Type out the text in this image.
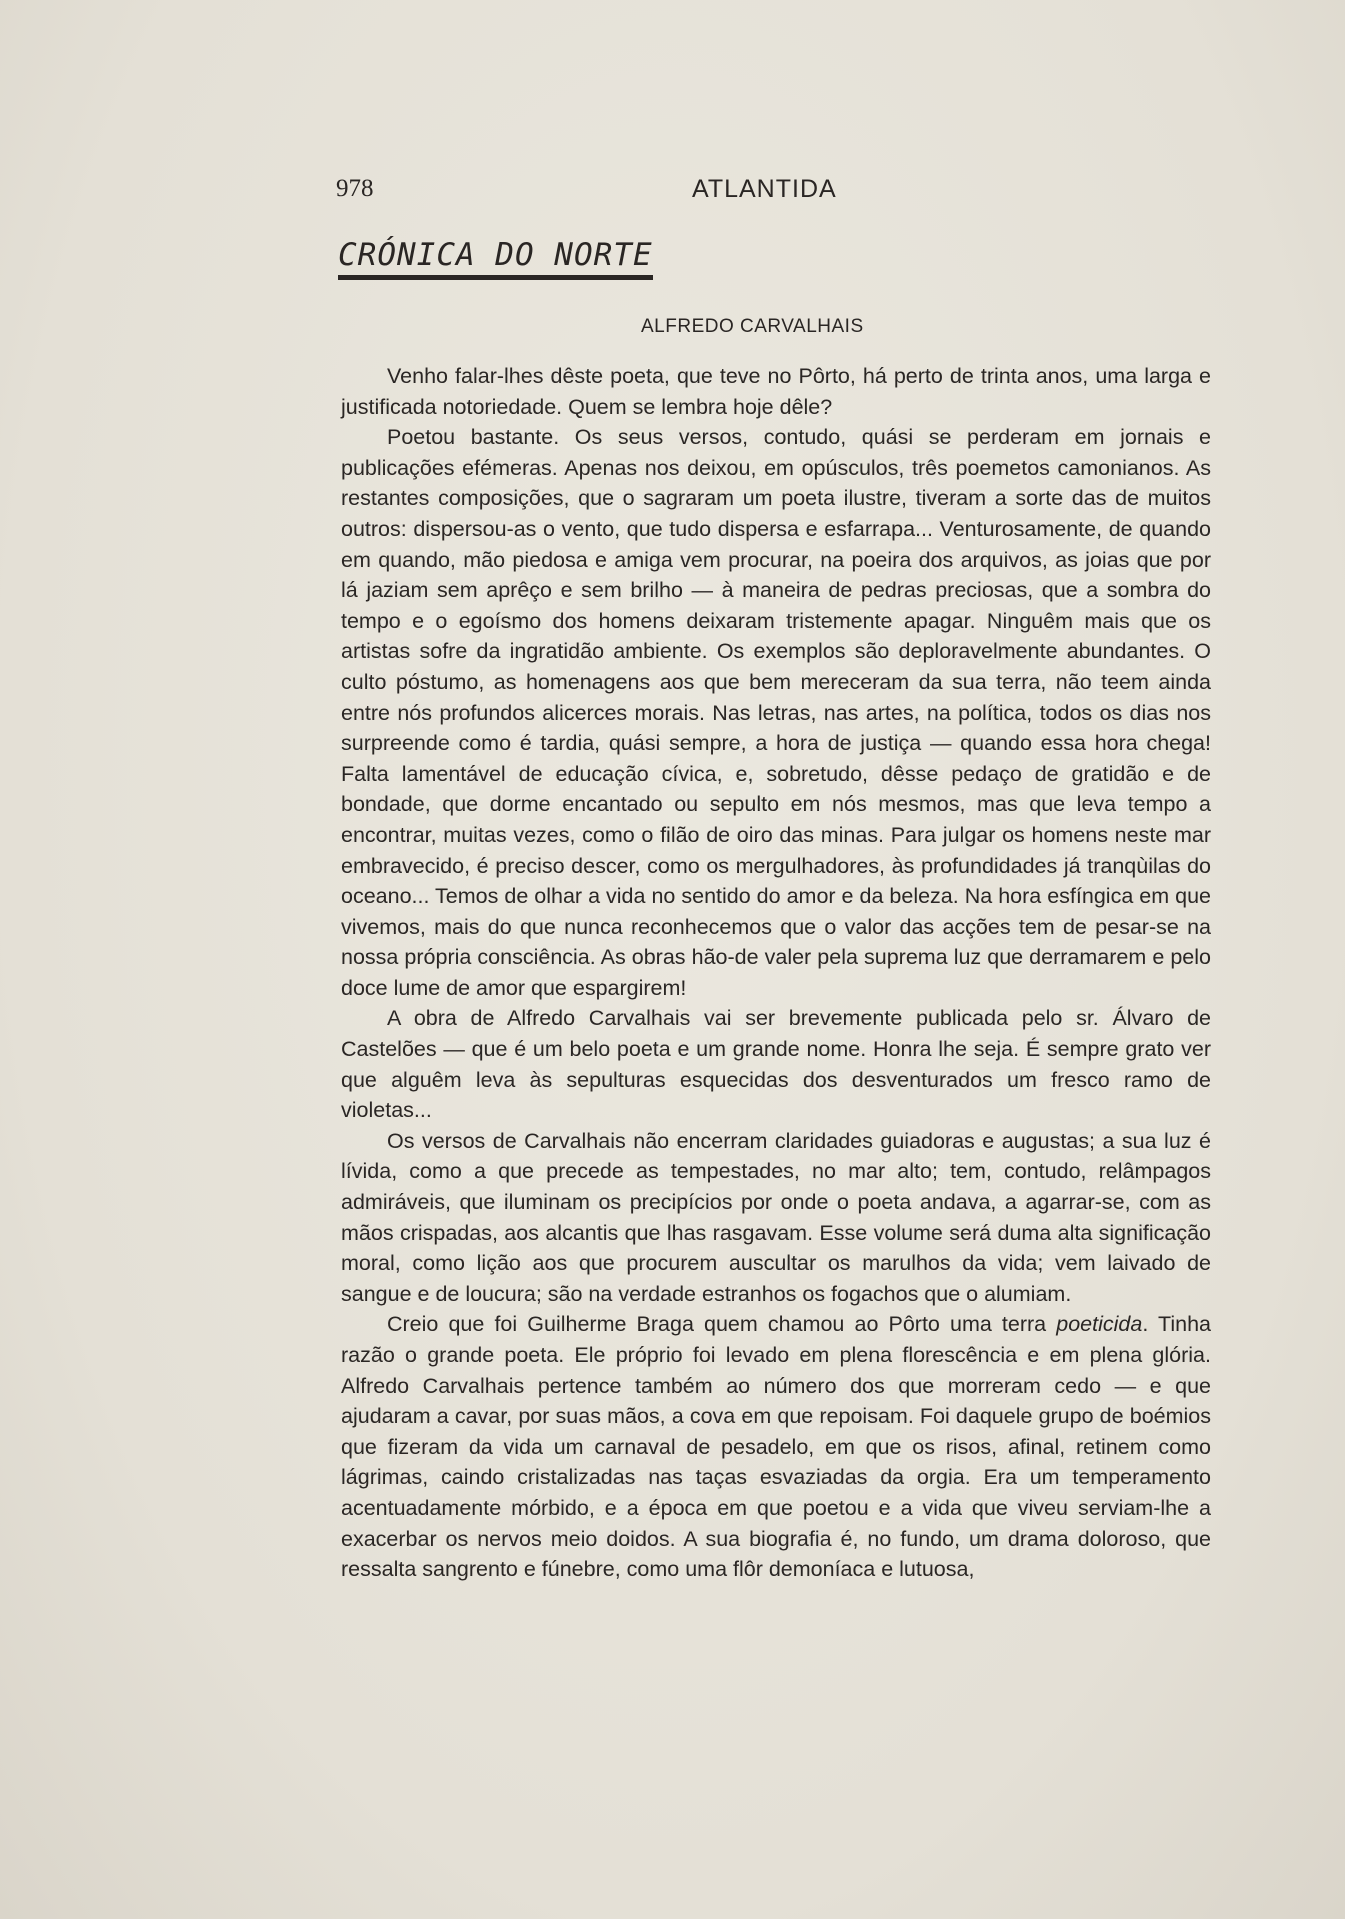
978	ATLANTIDA
CRÓNICA DO NORTE
ALFREDO CARVALHAIS

Venho falar-lhes dêste poeta, que teve no Pôrto, há perto de trinta anos, uma larga e justificada notoriedade. Quem se lembra hoje dêle?

Poetou bastante. Os seus versos, contudo, quási se perderam em jornais e publicações efémeras. Apenas nos deixou, em opúsculos, três poemetos camonianos. As restantes composições, que o sagraram um poeta ilustre, tiveram a sorte das de muitos outros: dispersou-as o vento, que tudo dispersa e esfarrapa... Venturosamente, de quando em quando, mão piedosa e amiga vem procurar, na poeira dos arquivos, as joias que por lá jaziam sem aprêço e sem brilho — à maneira de pedras preciosas, que a sombra do tempo e o egoísmo dos homens deixaram tristemente apagar. Ninguêm mais que os artistas sofre da ingratidão ambiente. Os exemplos são deploravelmente abundantes. O culto póstumo, as homenagens aos que bem mereceram da sua terra, não teem ainda entre nós profundos alicerces morais. Nas letras, nas artes, na política, todos os dias nos surpreende como é tardia, quási sempre, a hora de justiça — quando essa hora chega! Falta lamentável de educação cívica, e, sobretudo, dêsse pedaço de gratidão e de bondade, que dorme encantado ou sepulto em nós mesmos, mas que leva tempo a encontrar, muitas vezes, como o filão de oiro das minas. Para julgar os homens neste mar embravecido, é preciso descer, como os mergulhadores, às profundidades já tranqùilas do oceano... Temos de olhar a vida no sentido do amor e da beleza. Na hora esfíngica em que vivemos, mais do que nunca reconhecemos que o valor das acções tem de pesar-se na nossa própria consciência. As obras hão-de valer pela suprema luz que derramarem e pelo doce lume de amor que espargirem!

A obra de Alfredo Carvalhais vai ser brevemente publicada pelo sr. Álvaro de Castelões — que é um belo poeta e um grande nome. Honra lhe seja. É sempre grato ver que alguêm leva às sepulturas esquecidas dos desventurados um fresco ramo de violetas...

Os versos de Carvalhais não encerram claridades guiadoras e augustas; a sua luz é lívida, como a que precede as tempestades, no mar alto; tem, contudo, relâmpagos admiráveis, que iluminam os precipícios por onde o poeta andava, a agarrar-se, com as mãos crispadas, aos alcantis que lhas rasgavam. Esse volume será duma alta significação moral, como lição aos que procurem auscultar os marulhos da vida; vem laivado de sangue e de loucura; são na verdade estranhos os fogachos que o alumiam.

Creio que foi Guilherme Braga quem chamou ao Pôrto uma terra poeticida. Tinha razão o grande poeta. Ele próprio foi levado em plena florescência e em plena glória. Alfredo Carvalhais pertence também ao número dos que morreram cedo — e que ajudaram a cavar, por suas mãos, a cova em que repoisam. Foi daquele grupo de boémios que fizeram da vida um carnaval de pesadelo, em que os risos, afinal, retinem como lágrimas, caindo cristalizadas nas taças esvaziadas da orgia. Era um temperamento acentuadamente mórbido, e a época em que poetou e a vida que viveu serviam-lhe a exacerbar os nervos meio doidos. A sua biografia é, no fundo, um drama doloroso, que ressalta sangrento e fúnebre, como uma flôr demoníaca e lutuosa,
